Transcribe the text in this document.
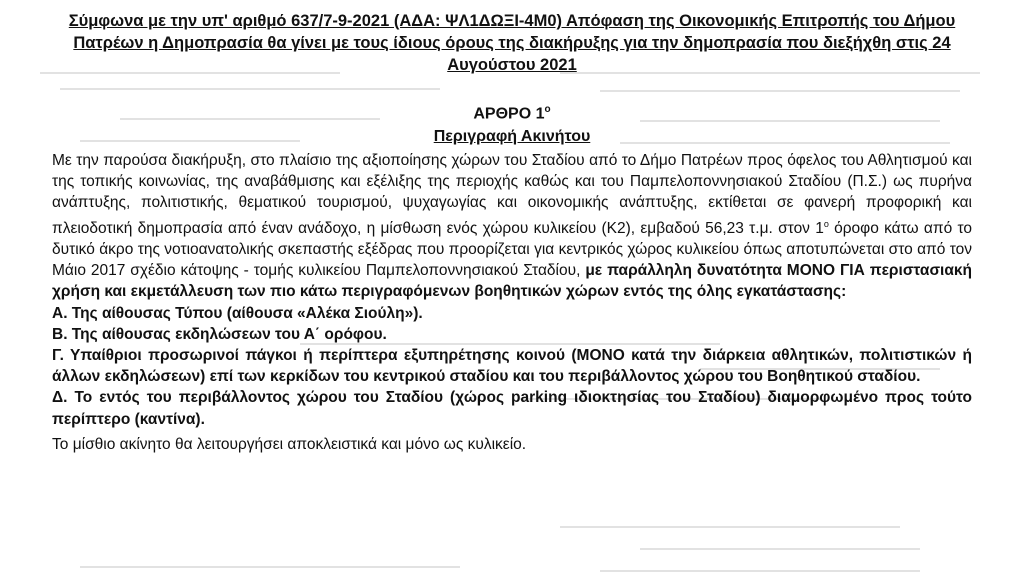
Σύμφωνα με την υπ' αριθμό 637/7-9-2021 (ΑΔΑ: ΨΛ1ΔΩΞΙ-4Μ0) Απόφαση της Οικονομικής Επιτροπής του Δήμου
Πατρέων η Δημοπρασία θα γίνει με τους ίδιους όρους της διακήρυξης για την δημοπρασία που διεξήχθη στις 24
Αυγούστου 2021
ΑΡΘΡΟ $1^o$
Περιγραφή Ακινήτου

Με την παρούσα διακήρυξη, στο πλαίσιο της αξιοποίησης χώρων του Σταδίου από το Δήμο Πατρέων προς όφελος του Αθλητισμού και της τοπικής κοινωνίας, της αναβάθμισης και εξέλιξης της περιοχής καθώς και του Παμπελοποννησιακού Σταδίου (Π.Σ.) ως πυρήνα ανάπτυξης, πολιτιστικής, θεματικού τουρισμού, ψυχαγωγίας και οικονομικής ανάπτυξης, εκτίθεται σε φανερή προφορική και πλειοδοτική δημοπρασία από έναν ανάδοχο, η μίσθωση ενός χώρου κυλικείου (Κ2), εμβαδού 56,23 τ.μ. στον $1^o$ όροφο κάτω από το δυτικό άκρο της νοτιοανατολικής σκεπαστής εξέδρας που προορίζεται για κεντρικός χώρος κυλικείου όπως αποτυπώνεται στο από τον Μάιο 2017 σχέδιο κάτοψης - τομής κυλικείου Παμπελοποννησιακού Σταδίου, με παράλληλη δυνατότητα ΜΟΝΟ ΓΙΑ περιστασιακή χρήση και εκμετάλλευση των πιο κάτω περιγραφόμενων βοηθητικών χώρων εντός της όλης εγκατάστασης:

Α. Της αίθουσας Τύπου (αίθουσα «Αλέκα Σιούλη»).

Β. Της αίθουσας εκδηλώσεων του Α΄ ορόφου.

Γ. Υπαίθριοι προσωρινοί πάγκοι ή περίπτερα εξυπηρέτησης κοινού (ΜΟΝΟ κατά την διάρκεια αθλητικών, πολιτιστικών ή άλλων εκδηλώσεων) επί των κερκίδων του κεντρικού σταδίου και του περιβάλλοντος χώρου του Βοηθητικού σταδίου.

Δ. Το εντός του περιβάλλοντος χώρου του Σταδίου (χώρος parking ιδιοκτησίας του Σταδίου) διαμορφωμένο προς τούτο περίπτερο (καντίνα).

Το μίσθιο ακίνητο θα λειτουργήσει αποκλειστικά και μόνο ως κυλικείο.
